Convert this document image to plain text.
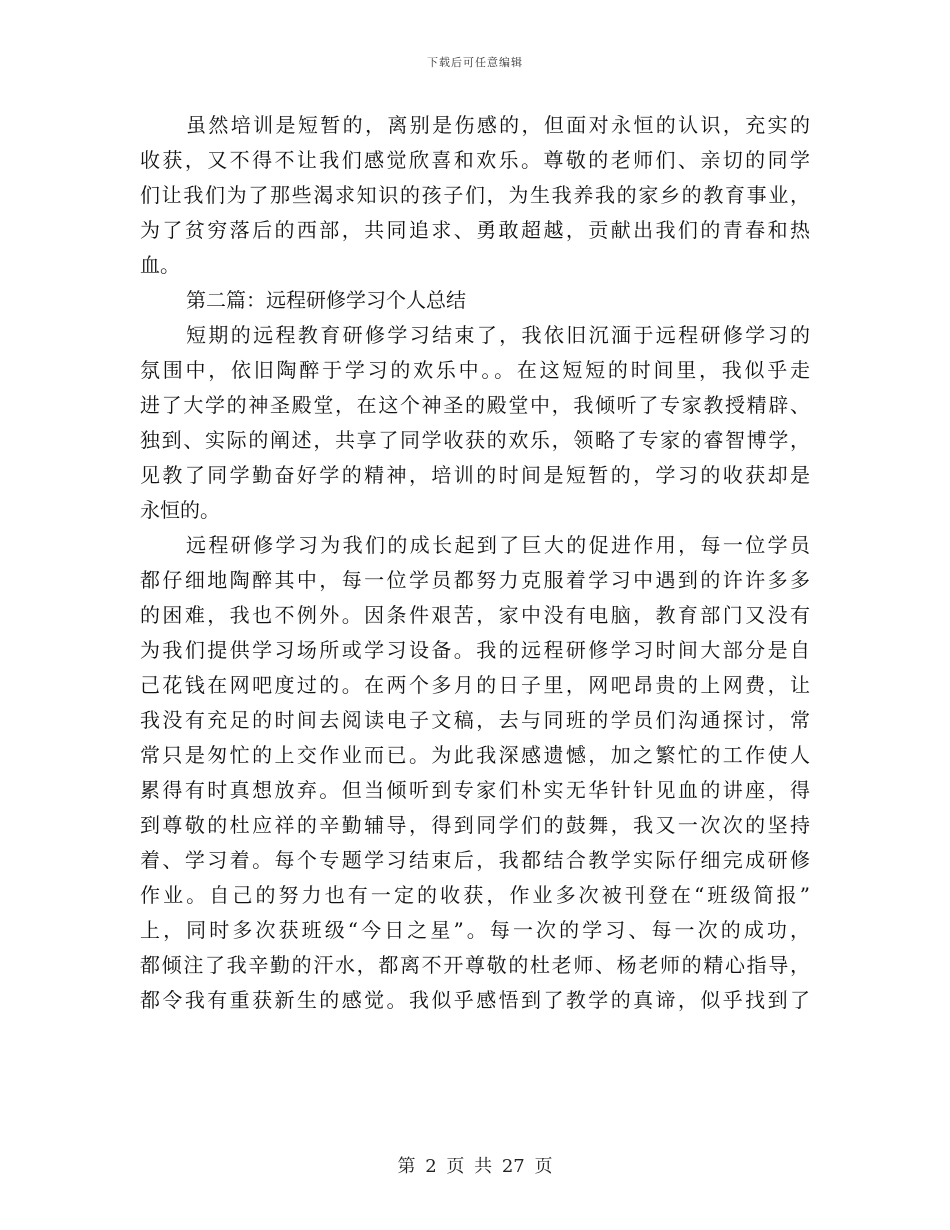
下载后可任意编辑
虽然培训是短暂的，离别是伤感的，但面对永恒的认识，充实的
收获，又不得不让我们感觉欣喜和欢乐。尊敬的老师们、亲切的同学
们让我们为了那些渴求知识的孩子们，为生我养我的家乡的教育事业，
为了贫穷落后的西部，共同追求、勇敢超越，贡献出我们的青春和热
血。
第二篇：远程研修学习个人总结
短期的远程教育研修学习结束了，我依旧沉湎于远程研修学习的
氛围中，依旧陶醉于学习的欢乐中。。在这短短的时间里，我似乎走
进了大学的神圣殿堂，在这个神圣的殿堂中，我倾听了专家教授精辟、
独到、实际的阐述，共享了同学收获的欢乐，领略了专家的睿智博学，
见教了同学勤奋好学的精神，培训的时间是短暂的，学习的收获却是
永恒的。
远程研修学习为我们的成长起到了巨大的促进作用，每一位学员
都仔细地陶醉其中，每一位学员都努力克服着学习中遇到的许许多多
的困难，我也不例外。因条件艰苦，家中没有电脑，教育部门又没有
为我们提供学习场所或学习设备。我的远程研修学习时间大部分是自
己花钱在网吧度过的。在两个多月的日子里，网吧昂贵的上网费，让
我没有充足的时间去阅读电子文稿，去与同班的学员们沟通探讨，常
常只是匆忙的上交作业而已。为此我深感遗憾，加之繁忙的工作使人
累得有时真想放弃。但当倾听到专家们朴实无华针针见血的讲座，得
到尊敬的杜应祥的辛勤辅导，得到同学们的鼓舞，我又一次次的坚持
着、学习着。每个专题学习结束后，我都结合教学实际仔细完成研修
作业。自己的努力也有一定的收获，作业多次被刊登在“班级简报”
上，同时多次获班级“今日之星”。每一次的学习、每一次的成功，
都倾注了我辛勤的汗水，都离不开尊敬的杜老师、杨老师的精心指导，
都令我有重获新生的感觉。我似乎感悟到了教学的真谛，似乎找到了
第 2 页 共 27 页
